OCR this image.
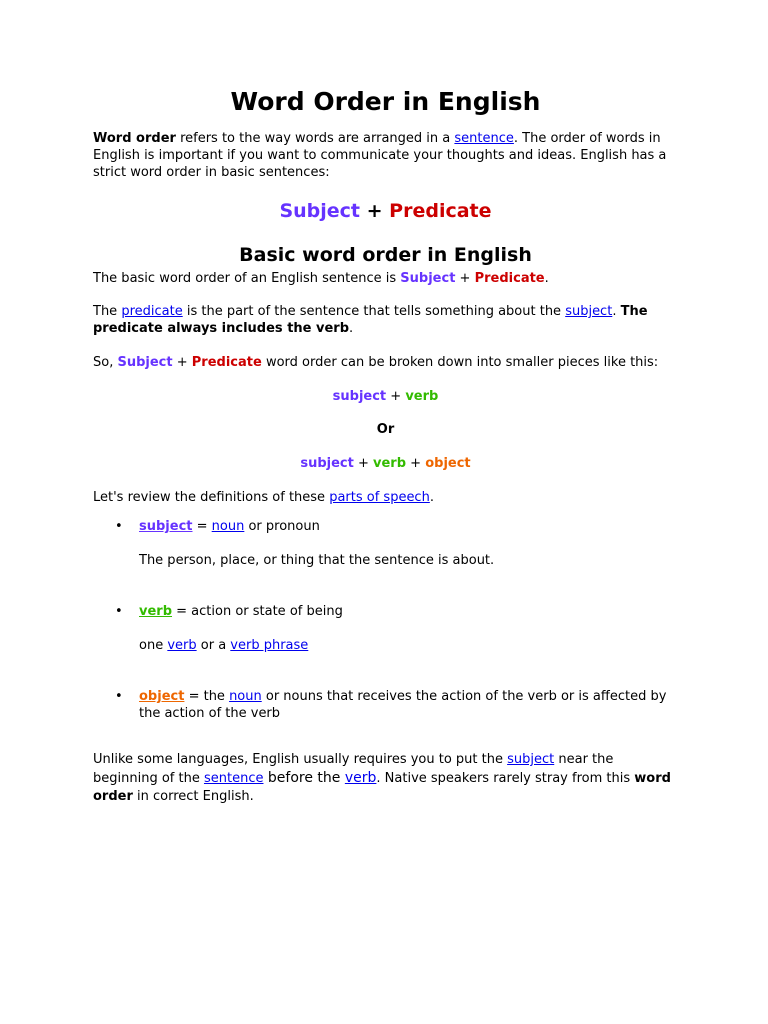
Word Order in English

Word order refers to the way words are arranged in a sentence. The order of words in English is important if you want to communicate your thoughts and ideas. English has a strict word order in basic sentences:

Subject + Predicate

Basic word order in English

The basic word order of an English sentence is Subject + Predicate.

The predicate is the part of the sentence that tells something about the subject. The predicate always includes the verb.

So, Subject + Predicate word order can be broken down into smaller pieces like this:

subject + verb

Or

subject + verb + object

Let's review the definitions of these parts of speech.

• subject = noun or pronoun

The person, place, or thing that the sentence is about.

• verb = action or state of being

one verb or a verb phrase

• object = the noun or nouns that receives the action of the verb or is affected by the action of the verb

Unlike some languages, English usually requires you to put the subject near the beginning of the sentence before the verb. Native speakers rarely stray from this word order in correct English.
